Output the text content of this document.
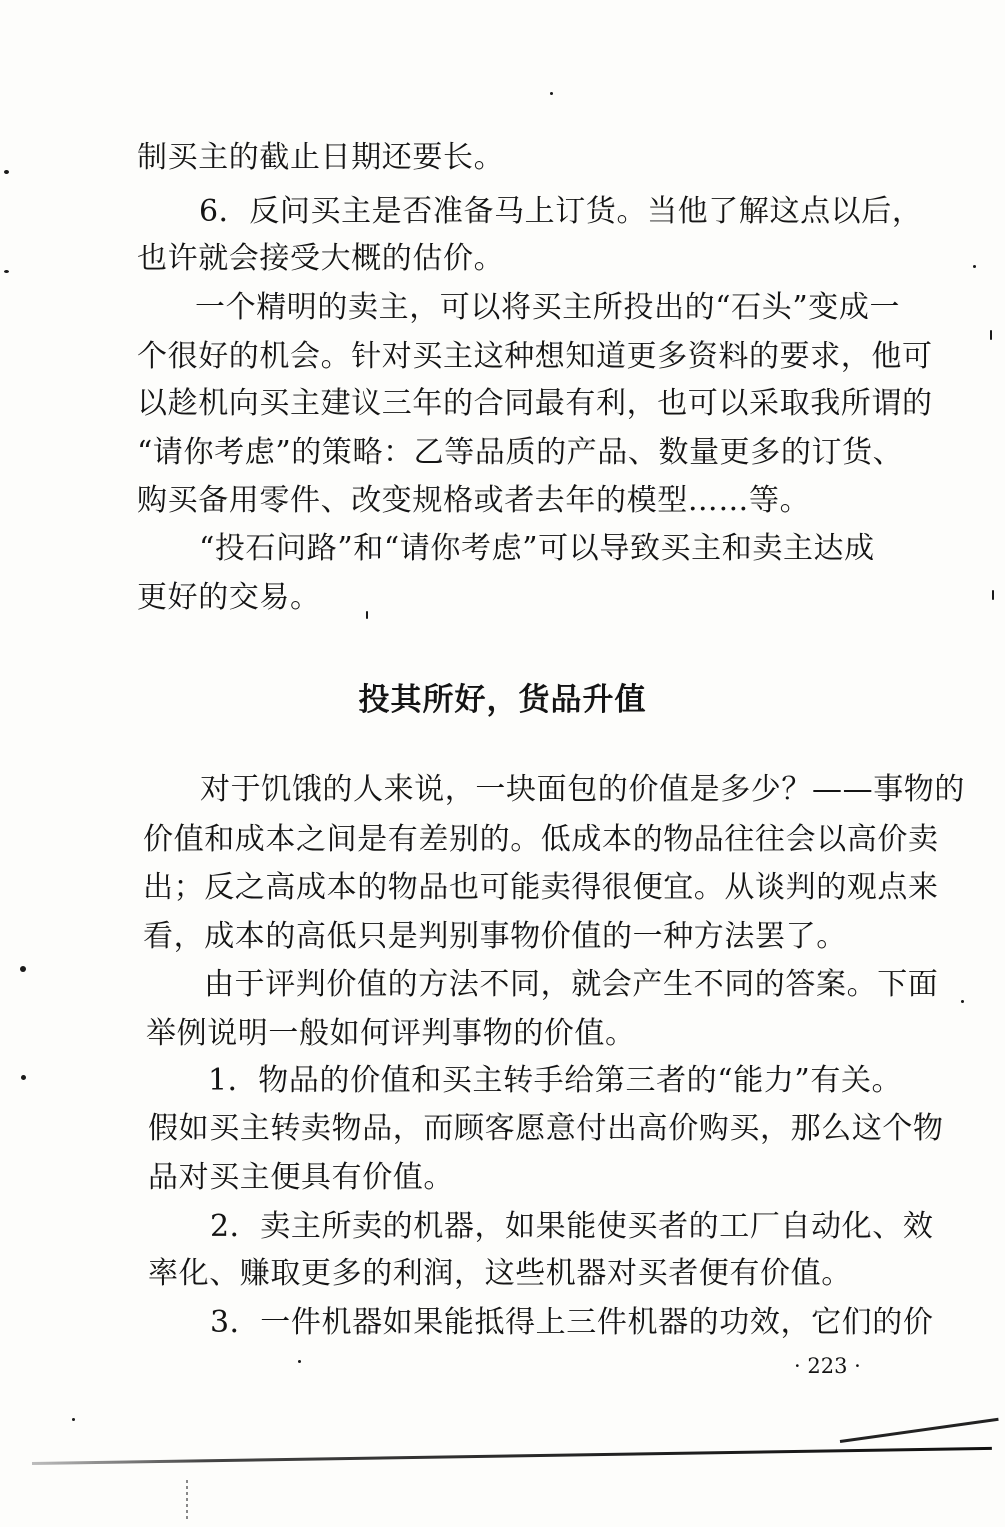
制买主的截止日期还要长。
6．反问买主是否准备马上订货。当他了解这点以后，
也许就会接受大概的估价。
一个精明的卖主，可以将买主所投出的“石头”变成一
个很好的机会。针对买主这种想知道更多资料的要求，他可
以趁机向买主建议三年的合同最有利，也可以采取我所谓的
“请你考虑”的策略：乙等品质的产品、数量更多的订货、
购买备用零件、改变规格或者去年的模型……等。
“投石问路”和“请你考虑”可以导致买主和卖主达成
更好的交易。
投其所好，货品升值
对于饥饿的人来说，一块面包的价值是多少？——事物的
价值和成本之间是有差别的。低成本的物品往往会以高价卖
出；反之高成本的物品也可能卖得很便宜。从谈判的观点来
看，成本的高低只是判别事物价值的一种方法罢了。
由于评判价值的方法不同，就会产生不同的答案。下面
举例说明一般如何评判事物的价值。
1．物品的价值和买主转手给第三者的“能力”有关。
假如买主转卖物品，而顾客愿意付出高价购买，那么这个物
品对买主便具有价值。
2．卖主所卖的机器，如果能使买者的工厂自动化、效
率化、赚取更多的利润，这些机器对买者便有价值。
3．一件机器如果能抵得上三件机器的功效，它们的价
· 223 ·
